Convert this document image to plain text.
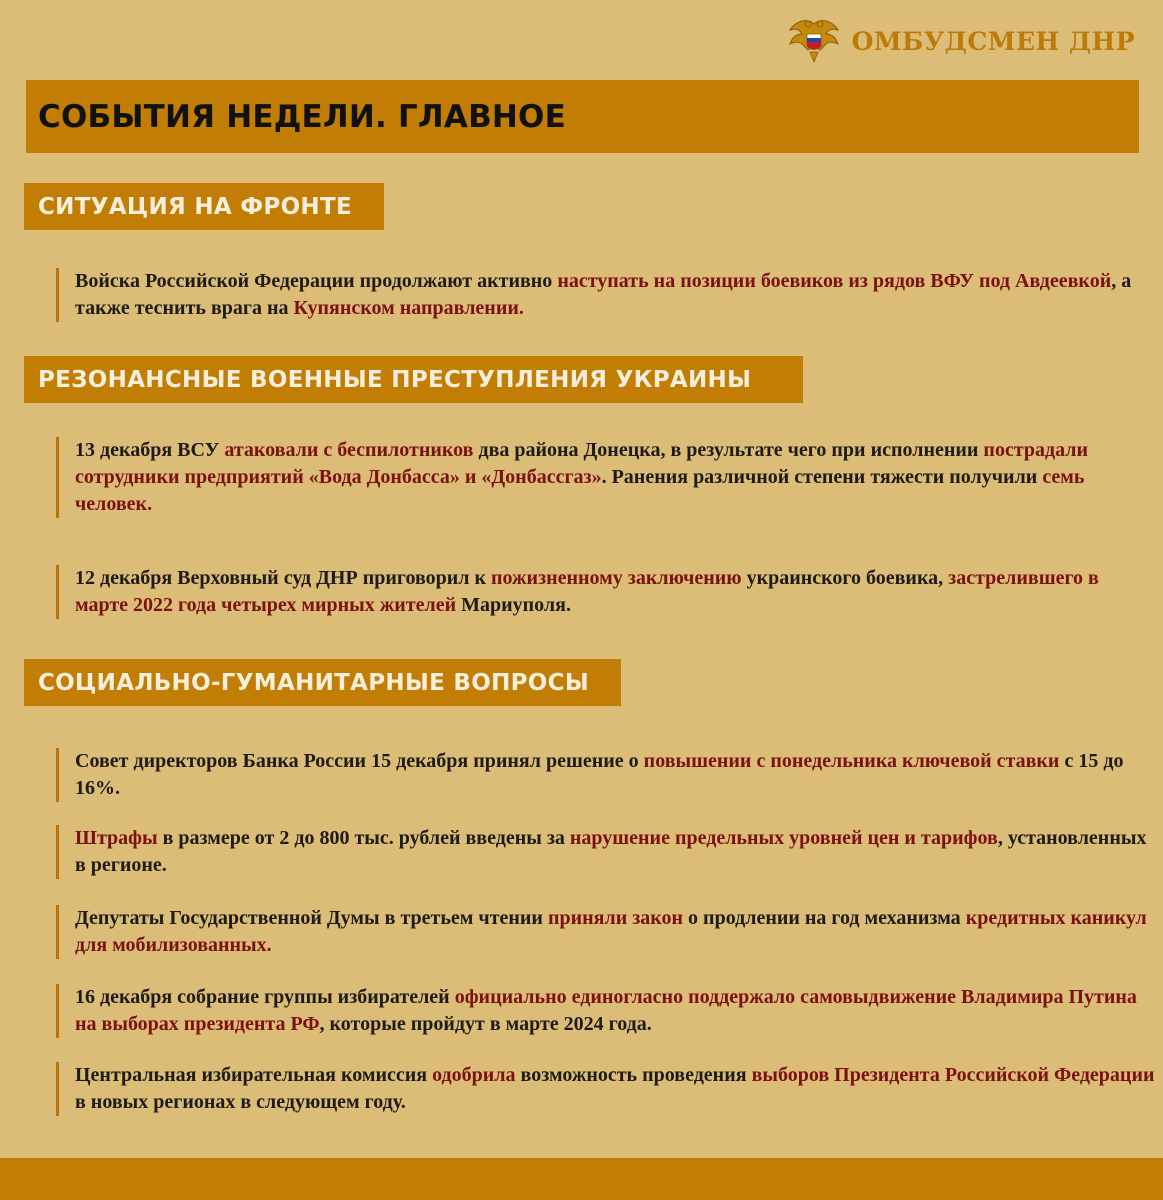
ОМБУДСМЕН ДНР
СОБЫТИЯ НЕДЕЛИ. ГЛАВНОЕ
СИТУАЦИЯ НА ФРОНТЕ
Войска Российской Федерации продолжают активно наступать на позиции боевиков из рядов ВФУ под Авдеевкой, а также теснить врага на Купянском направлении.
РЕЗОНАНСНЫЕ ВОЕННЫЕ ПРЕСТУПЛЕНИЯ УКРАИНЫ
13 декабря ВСУ атаковали с беспилотников два района Донецка, в результате чего при исполнении пострадали сотрудники предприятий «Вода Донбасса» и «Донбассгаз». Ранения различной степени тяжести получили семь человек.
12 декабря Верховный суд ДНР приговорил к пожизненному заключению украинского боевика, застрелившего в марте 2022 года четырех мирных жителей Мариуполя.
СОЦИАЛЬНО-ГУМАНИТАРНЫЕ ВОПРОСЫ
Совет директоров Банка России 15 декабря принял решение о повышении с понедельника ключевой ставки с 15 до 16%.
Штрафы в размере от 2 до 800 тыс. рублей введены за нарушение предельных уровней цен и тарифов, установленных в регионе.
Депутаты Государственной Думы в третьем чтении приняли закон о продлении на год механизма кредитных каникул для мобилизованных.
16 декабря собрание группы избирателей официально единогласно поддержало самовыдвижение Владимира Путина на выборах президента РФ, которые пройдут в марте 2024 года.
Центральная избирательная комиссия одобрила возможность проведения выборов Президента Российской Федерации в новых регионах в следующем году.
